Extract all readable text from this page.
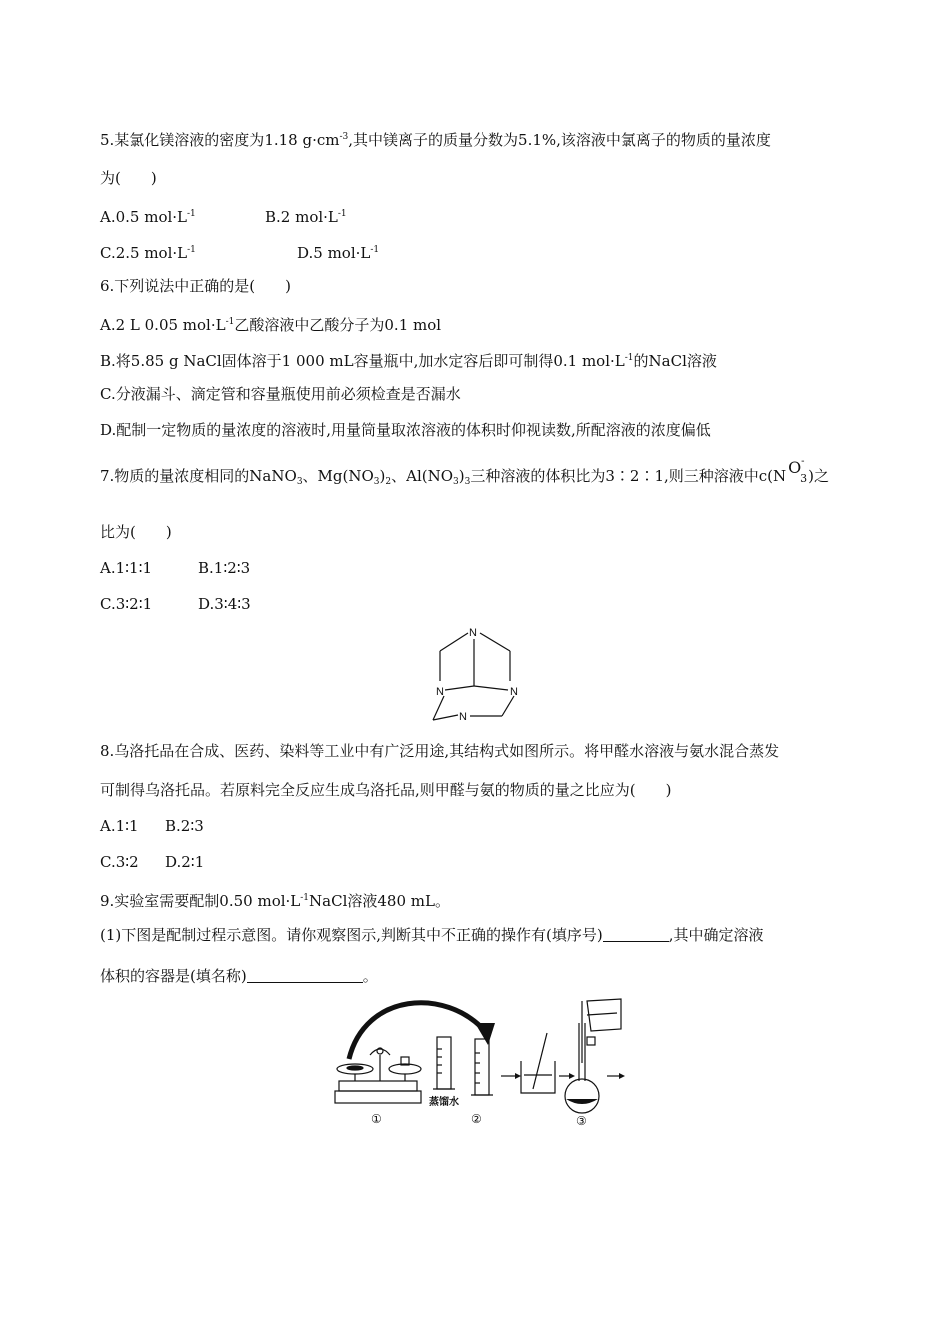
5.某氯化镁溶液的密度为1.18 $g\cdot cm^{-3}$,其中镁离子的质量分数为5.1%,该溶液中氯离子的物质的量浓度
为(　　)
A.0.5 $mol\cdot L^{-1}$	B.2 $mol\cdot L^{-1}$
C.2.5 $mol\cdot L^{-1}$	D.5 $mol\cdot L^{-1}$
6.下列说法中正确的是(　　)
A.2 L 0.05 $mol\cdot L^{-1}$乙酸溶液中乙酸分子为0.1 mol
B.将5.85 g NaCl固体溶于1 000 mL容量瓶中,加水定容后即可制得0.1 $mol\cdot L^{-1}$的NaCl溶液
C.分液漏斗、滴定管和容量瓶使用前必须检查是否漏水
D.配制一定物质的量浓度的溶液时,用量筒量取浓溶液的体积时仰视读数,所配溶液的浓度偏低
7.物质的量浓度相同的NaNO$_3$、$Mg(NO_3)_2$、$Al(NO_3)_3$三种溶液的体积比为3∶2∶1,则三种溶液中c(N O -
3 )之
比为(　　)
A.1∶1∶1	B.1∶2∶3
C.3∶2∶1	D.3∶4∶3
N
N	N
N
8.乌洛托品在合成、医药、染料等工业中有广泛用途,其结构式如图所示。将甲醛水溶液与氨水混合蒸发
可制得乌洛托品。若原料完全反应生成乌洛托品,则甲醛与氨的物质的量之比应为(　　)
A.1∶1 B.2∶3
C.3∶2 D.2∶1
9.实验室需要配制0.50 $mol\cdot L^{-1}NaCl$溶液480 mL。
(1)下图是配制过程示意图。请你观察图示,判断其中不正确的操作有(填序号)	,其中确定溶液
体积的容器是(填名称)	。
①
蒸馏水
②	③
